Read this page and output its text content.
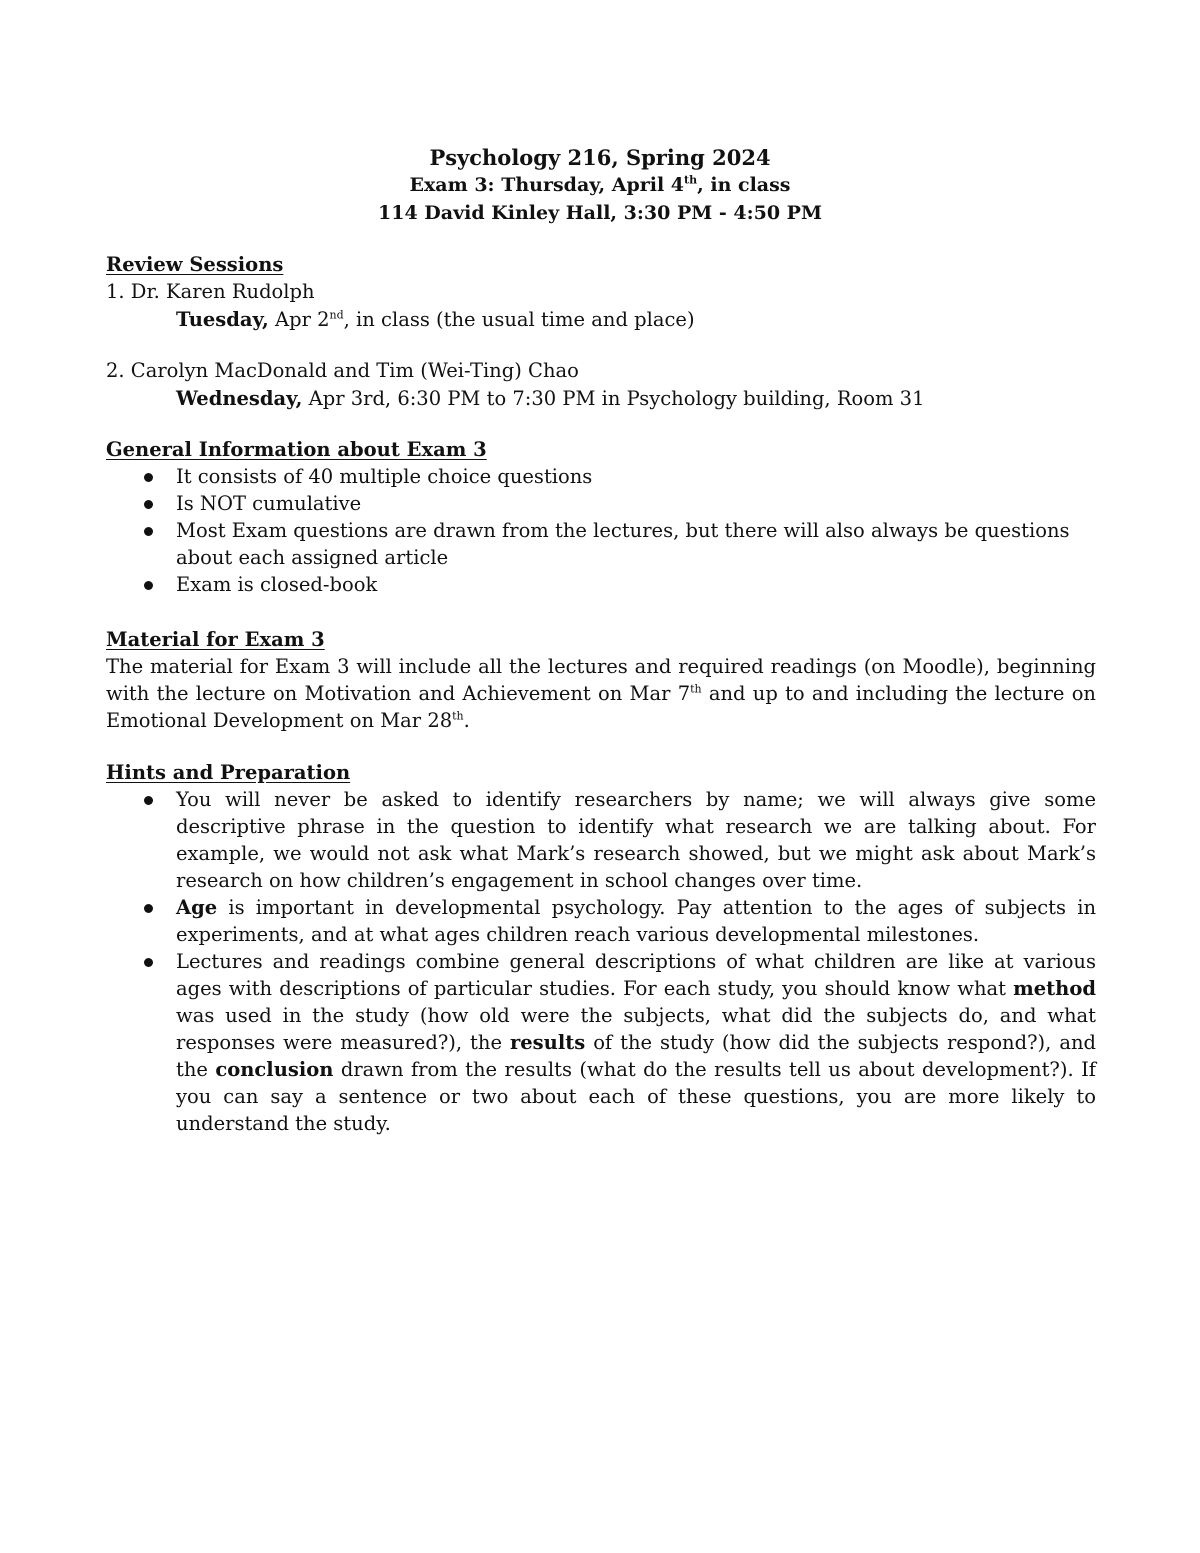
Psychology 216, Spring 2024
Exam 3: Thursday, April 4th, in class
114 David Kinley Hall, 3:30 PM - 4:50 PM
Review Sessions
1. Dr. Karen Rudolph
Tuesday, Apr 2nd, in class (the usual time and place)
2. Carolyn MacDonald and Tim (Wei-Ting) Chao
Wednesday, Apr 3rd, 6:30 PM to 7:30 PM in Psychology building, Room 31
General Information about Exam 3
It consists of 40 multiple choice questions
Is NOT cumulative
Most Exam questions are drawn from the lectures, but there will also always be questions about each assigned article
Exam is closed-book
Material for Exam 3
The material for Exam 3 will include all the lectures and required readings (on Moodle), beginning with the lecture on Motivation and Achievement on Mar 7th and up to and including the lecture on Emotional Development on Mar 28th.
Hints and Preparation
You will never be asked to identify researchers by name; we will always give some descriptive phrase in the question to identify what research we are talking about. For example, we would not ask what Mark’s research showed, but we might ask about Mark’s research on how children’s engagement in school changes over time.
Age is important in developmental psychology. Pay attention to the ages of subjects in experiments, and at what ages children reach various developmental milestones.
Lectures and readings combine general descriptions of what children are like at various ages with descriptions of particular studies. For each study, you should know what method was used in the study (how old were the subjects, what did the subjects do, and what responses were measured?), the results of the study (how did the subjects respond?), and the conclusion drawn from the results (what do the results tell us about development?). If you can say a sentence or two about each of these questions, you are more likely to understand the study.
